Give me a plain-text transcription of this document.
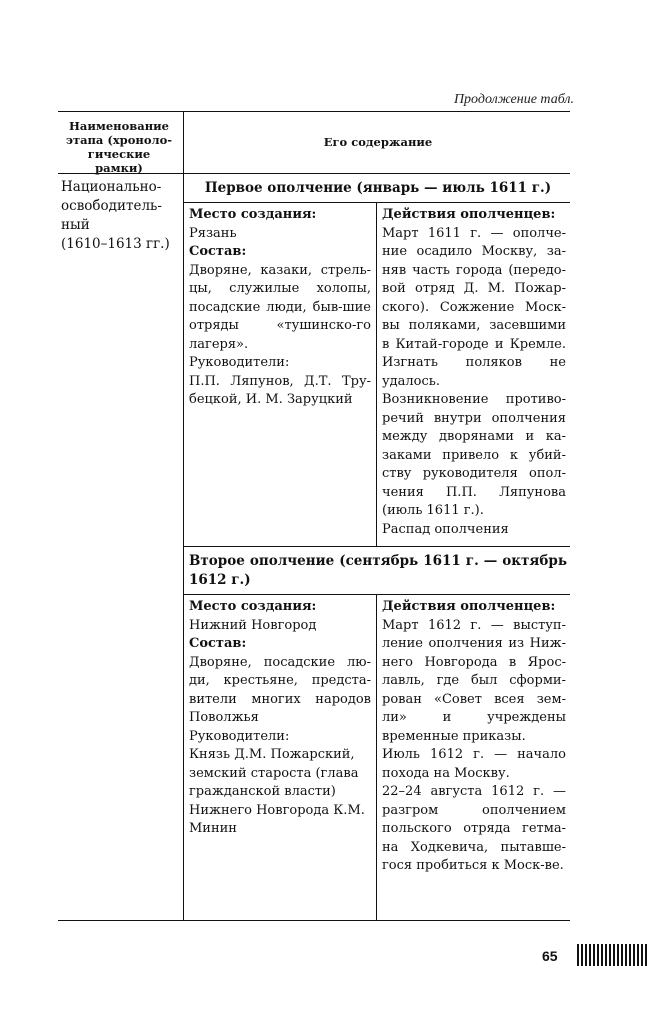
Продолжение табл.
Наименование этапа (хроноло-гические рамки)
Его содержание
Национально-освободитель-ный
(1610–1613 гг.)
Первое ополчение (январь — июль 1611 г.)
Место создания:
Рязань
Состав:
Дворяне, казаки, стрель-цы, служилые холопы, посадские люди, быв-шие отряды «тушинско-го лагеря».
Руководители:
П.П. Ляпунов, Д.Т. Тру-бецкой, И. М. Заруцкий
Действия ополченцев:
Март 1611 г. — ополче-ние осадило Москву, за-няв часть города (передо-вой отряд Д. М. Пожар-ского). Сожжение Моск-вы поляками, засевшими в Китай-городе и Кремле. Изгнать поляков не удалось.
Возникновение противо-речий внутри ополчения между дворянами и ка-заками привело к убий-ству руководителя опол-чения П.П. Ляпунова (июль 1611 г.).
Распад ополчения
Второе ополчение (сентябрь 1611 г. — октябрь 1612 г.)
Место создания:
Нижний Новгород
Состав:
Дворяне, посадские лю-ди, крестьяне, предста-вители многих народов Поволжья
Руководители:
Князь Д.М. Пожарский, земский староста (глава гражданской власти) Нижнего Новгорода К.М. Минин
Действия ополченцев:
Март 1612 г. — выступ-ление ополчения из Ниж-него Новгорода в Ярос-лавль, где был сформи-рован «Совет всея зем-ли» и учреждены временные приказы.
Июль 1612 г. — начало похода на Москву.
22–24 августа 1612 г. — разгром ополчением польского отряда гетма-на Ходкевича, пытавше-гося пробиться к Моск-ве.
65
